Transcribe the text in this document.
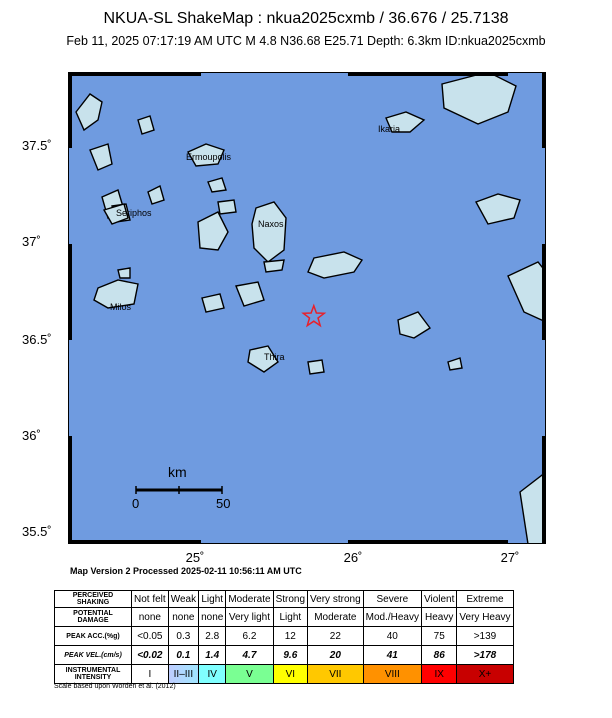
NKUA-SL ShakeMap : nkua2025cxmb / 36.676 / 25.7138
Feb 11, 2025 07:17:19 AM UTC M 4.8 N36.68 E25.71 Depth: 6.3km ID:nkua2025cxmb
Ikaria
Ermoupolis
Seriphos
Naxos
Milos
Thira
km
0	50
37.5˚
37˚
36.5˚
36˚
35.5˚
25˚	26˚	27˚
Map Version 2 Processed 2025-02-11 10:56:11 AM UTC
PERCEIVED SHAKING	Not felt	Weak	Light	Moderate	Strong	Very strong	Severe	Violent	Extreme
POTENTIAL DAMAGE	none	none	none	Very light	Light	Moderate	Mod./Heavy	Heavy	Very Heavy
PEAK ACC.(%g)	<0.05	0.3	2.8	6.2	12	22	40	75	>139
PEAK VEL.(cm/s)	<0.02	0.1	1.4	4.7	9.6	20	41	86	>178
INSTRUMENTAL INTENSITY	I	II–III	IV	V	VI	VII	VIII	IX	X+
Scale based upon Worden et al. (2012)
